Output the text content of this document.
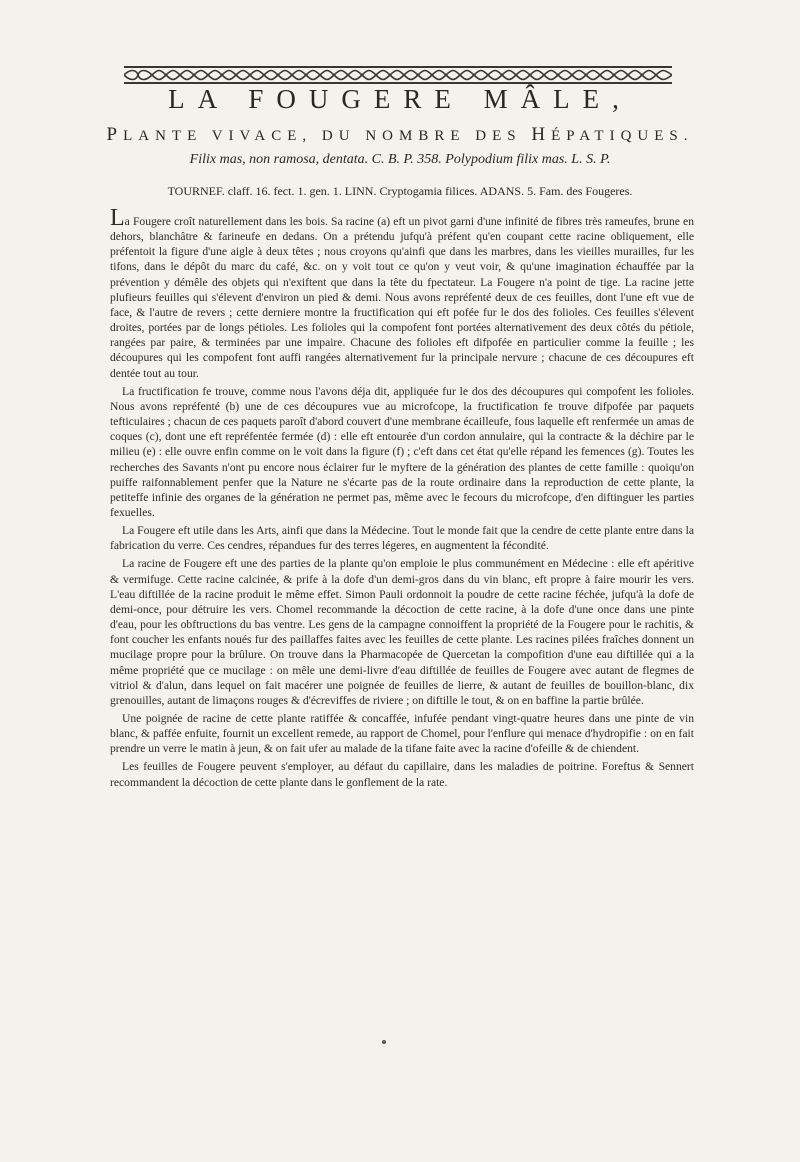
LA FOUGERE MÂLE,
PLANTE VIVACE, DU NOMBRE DES HÉPATIQUES.
Filix mas, non ramosa, dentata. C. B. P. 358. Polypodium filix mas. L. S. P.
TOURNEF. claff. 16. fect. 1. gen. 1. LINN. Cryptogamia filices. ADANS. 5. Fam. des Fougeres.

La Fougere croît naturellement dans les bois. Sa racine (a) eft un pivot garni d'une infinité de fibres très rameufes, brune en dehors, blanchâtre & farineufe en dedans. On a prétendu jufqu'à préfent qu'en coupant cette racine obliquement, elle préfentoit la figure d'une aigle à deux têtes ; nous croyons qu'ainfi que dans les marbres, dans les vieilles murailles, fur les tifons, dans le dépôt du marc du café, &c. on y voit tout ce qu'on y veut voir, & qu'une imagination échauffée par la prévention y démêle des objets qui n'exiftent que dans la tête du fpectateur. La Fougere n'a point de tige. La racine jette plufieurs feuilles qui s'élevent d'environ un pied & demi. Nous avons repréfenté deux de ces feuilles, dont l'une eft vue de face, & l'autre de revers ; cette derniere montre la fructification qui eft pofée fur le dos des folioles. Ces feuilles s'élevent droites, portées par de longs pétioles. Les folioles qui la compofent font portées alternativement des deux côtés du pétiole, rangées par paire, & terminées par une impaire. Chacune des folioles eft difpofée en particulier comme la feuille ; les découpures qui les compofent font auffi rangées alternativement fur la principale nervure ; chacune de ces découpures eft dentée tout au tour.

La fructification fe trouve, comme nous l'avons déja dit, appliquée fur le dos des découpures qui compofent les folioles. Nous avons repréfenté (b) une de ces découpures vue au microfcope, la fructification fe trouve difpofée par paquets tefticulaires ; chacun de ces paquets paroît d'abord couvert d'une membrane écailleufe, fous laquelle eft renfermée un amas de coques (c), dont une eft repréfentée fermée (d) : elle eft entourée d'un cordon annulaire, qui la contracte & la déchire par le milieu (e) : elle ouvre enfin comme on le voit dans la figure (f) ; c'eft dans cet état qu'elle répand les femences (g). Toutes les recherches des Savants n'ont pu encore nous éclairer fur le myftere de la génération des plantes de cette famille : quoiqu'on puiffe raifonnablement penfer que la Nature ne s'écarte pas de la route ordinaire dans la reproduction de cette plante, la petiteffe infinie des organes de la génération ne permet pas, même avec le fecours du microfcope, d'en diftinguer les parties fexuelles.

La Fougere eft utile dans les Arts, ainfi que dans la Médecine. Tout le monde fait que la cendre de cette plante entre dans la fabrication du verre. Ces cendres, répandues fur des terres légeres, en augmentent la fécondité.

La racine de Fougere eft une des parties de la plante qu'on emploie le plus communément en Médecine : elle eft apéritive & vermifuge. Cette racine calcinée, & prife à la dofe d'un demi-gros dans du vin blanc, eft propre à faire mourir les vers. L'eau diftillée de la racine produit le même effet. Simon Pauli ordonnoit la poudre de cette racine féchée, jufqu'à la dofe de demi-once, pour détruire les vers. Chomel recommande la décoction de cette racine, à la dofe d'une once dans une pinte d'eau, pour les obftructions du bas ventre. Les gens de la campagne connoiffent la propriété de la Fougere pour le rachitis, & font coucher les enfants noués fur des paillaffes faites avec les feuilles de cette plante. Les racines pilées fraîches donnent un mucilage propre pour la brûlure. On trouve dans la Pharmacopée de Quercetan la compofition d'une eau diftillée qui a la même propriété que ce mucilage : on mêle une demi-livre d'eau diftillée de feuilles de Fougere avec autant de flegmes de vitriol & d'alun, dans lequel on fait macérer une poignée de feuilles de lierre, & autant de feuilles de bouillon-blanc, dix grenouilles, autant de limaçons rouges & d'écreviffes de riviere ; on diftille le tout, & on en baffine la partie brûlée.

Une poignée de racine de cette plante ratiffée & concaffée, infufée pendant vingt-quatre heures dans une pinte de vin blanc, & paffée enfuite, fournit un excellent remede, au rapport de Chomel, pour l'enflure qui menace d'hydropifie : on en fait prendre un verre le matin à jeun, & on fait ufer au malade de la tifane faite avec la racine d'ofeille & de chiendent.

Les feuilles de Fougere peuvent s'employer, au défaut du capillaire, dans les maladies de poitrine. Foreftus & Sennert recommandent la décoction de cette plante dans le gonflement de la rate.
